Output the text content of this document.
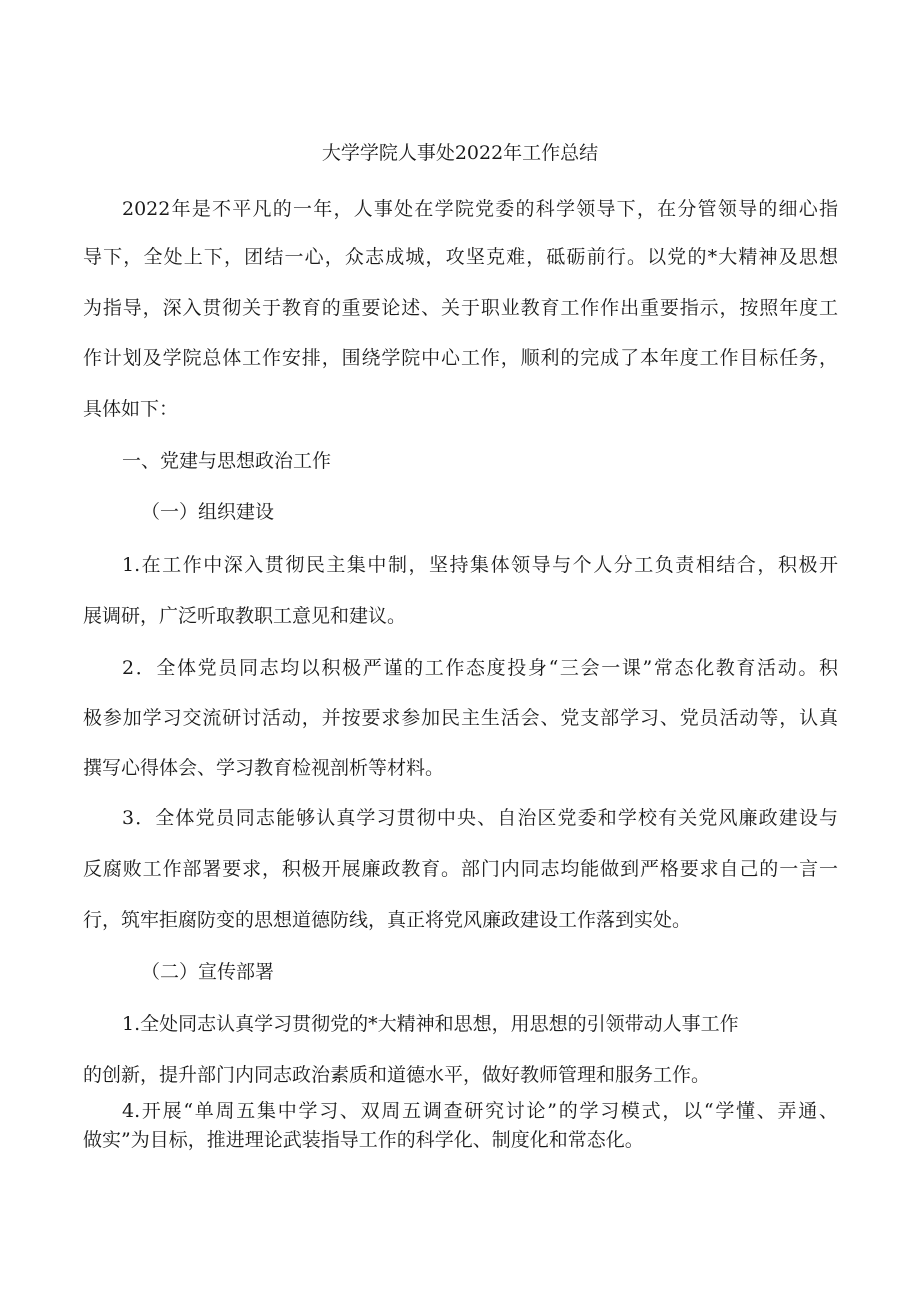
大学学院人事处2022年工作总结
2022年是不平凡的一年，人事处在学院党委的科学领导下，在分管领导的细心指
导下，全处上下，团结一心，众志成城，攻坚克难，砥砺前行。以党的*大精神及思想
为指导，深入贯彻关于教育的重要论述、关于职业教育工作作出重要指示，按照年度工
作计划及学院总体工作安排，围绕学院中心工作，顺利的完成了本年度工作目标任务，
具体如下：
一、党建与思想政治工作
（一）组织建设
1.在工作中深入贯彻民主集中制，坚持集体领导与个人分工负责相结合，积极开
展调研，广泛听取教职工意见和建议。
2．全体党员同志均以积极严谨的工作态度投身“三会一课”常态化教育活动。积
极参加学习交流研讨活动，并按要求参加民主生活会、党支部学习、党员活动等，认真
撰写心得体会、学习教育检视剖析等材料。
3．全体党员同志能够认真学习贯彻中央、自治区党委和学校有关党风廉政建设与
反腐败工作部署要求，积极开展廉政教育。部门内同志均能做到严格要求自己的一言一
行，筑牢拒腐防变的思想道德防线，真正将党风廉政建设工作落到实处。
（二）宣传部署
1.全处同志认真学习贯彻党的*大精神和思想，用思想的引领带动人事工作
的创新，提升部门内同志政治素质和道德水平，做好教师管理和服务工作。
4.开展“单周五集中学习、双周五调查研究讨论”的学习模式，以“学懂、弄通、
做实”为目标，推进理论武装指导工作的科学化、制度化和常态化。
